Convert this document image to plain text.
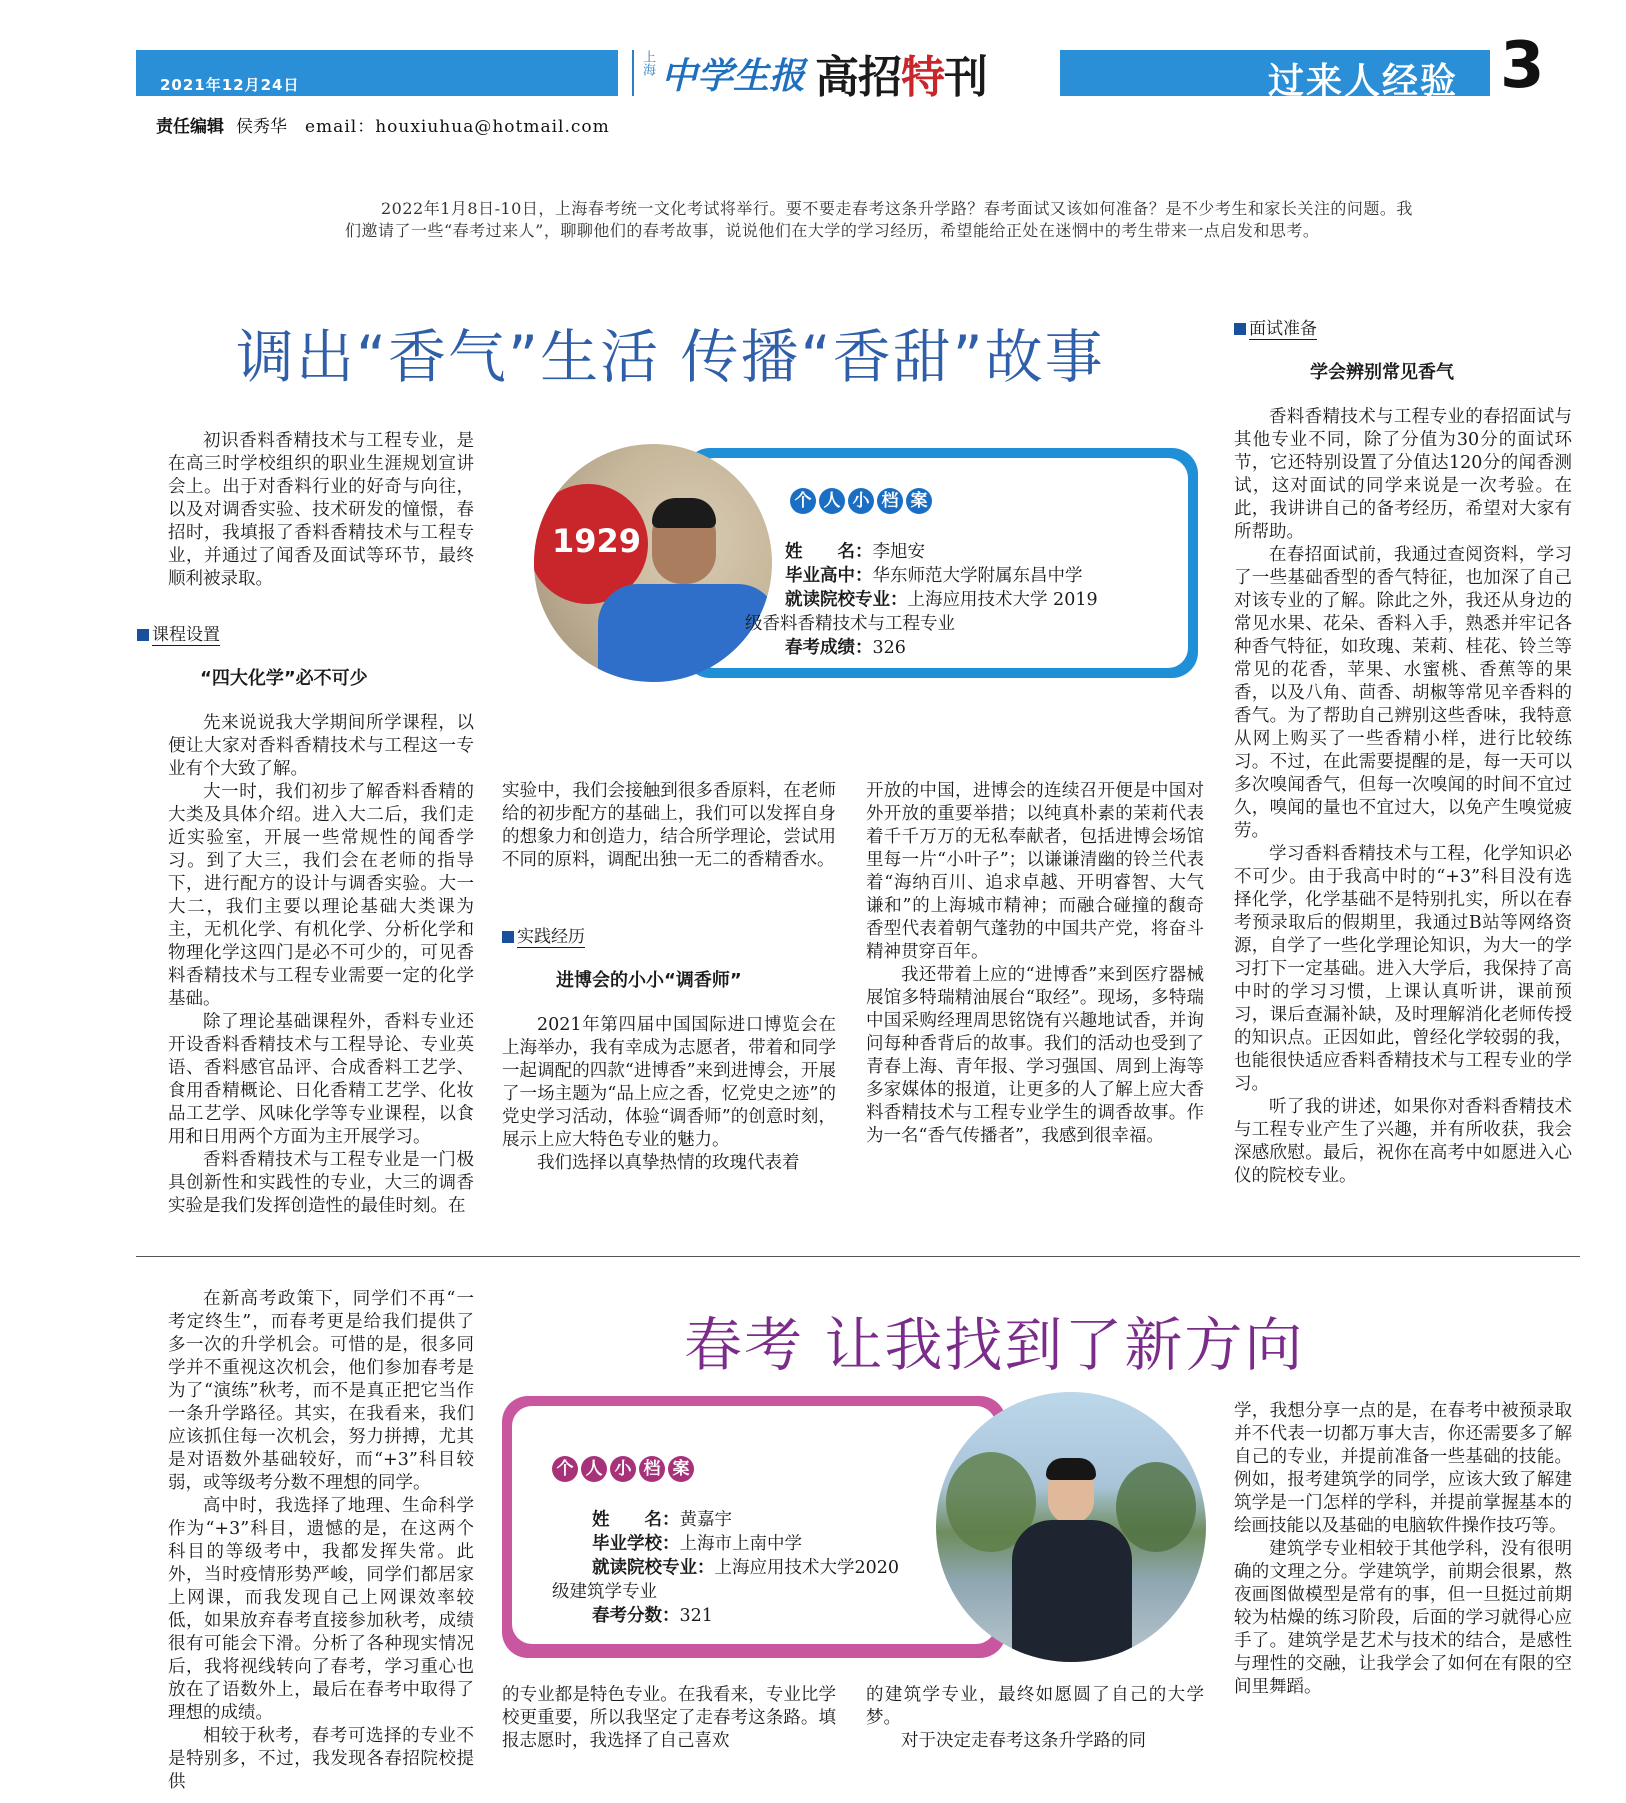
2021年12月24日
上海 中学生报 高招特刊	过来人经验 3
责任编辑 侯秀华 email：houxiuhua@hotmail.com
2022年1月8日-10日，上海春考统一文化考试将举行。要不要走春考这条升学路？春考面试又该如何准备？是不少考生和家长关注的问题。我们邀请了一些“春考过来人”，聊聊他们的春考故事，说说他们在大学的学习经历，希望能给正处在迷惘中的考生带来一点启发和思考。
调出“香气”生活 传播“香甜”故事

初识香料香精技术与工程专业，是在高三时学校组织的职业生涯规划宣讲会上。出于对香料行业的好奇与向往，以及对调香实验、技术研发的憧憬，春招时，我填报了香料香精技术与工程专业，并通过了闻香及面试等环节，最终顺利被录取。

课程设置
“四大化学”必不可少

先来说说我大学期间所学课程，以便让大家对香料香精技术与工程这一专业有个大致了解。

大一时，我们初步了解香料香精的大类及具体介绍。进入大二后，我们走近实验室，开展一些常规性的闻香学习。到了大三，我们会在老师的指导下，进行配方的设计与调香实验。大一大二，我们主要以理论基础大类课为主，无机化学、有机化学、分析化学和物理化学这四门是必不可少的，可见香料香精技术与工程专业需要一定的化学基础。

除了理论基础课程外，香料专业还开设香料香精技术与工程导论、专业英语、香料感官品评、合成香料工艺学、食用香精概论、日化香精工艺学、化妆品工艺学、风味化学等专业课程，以食用和日用两个方面为主开展学习。

香料香精技术与工程专业是一门极具创新性和实践性的专业，大三的调香实验是我们发挥创造性的最佳时刻。在

1929
个 人 小 档 案
姓　　名：李旭安
毕业高中：华东师范大学附属东昌中学
就读院校专业：上海应用技术大学 2019
级香料香精技术与工程专业
春考成绩：326

实验中，我们会接触到很多香原料，在老师给的初步配方的基础上，我们可以发挥自身的想象力和创造力，结合所学理论，尝试用不同的原料，调配出独一无二的香精香水。

实践经历
进博会的小小“调香师”

2021年第四届中国国际进口博览会在上海举办，我有幸成为志愿者，带着和同学一起调配的四款“进博香”来到进博会，开展了一场主题为“品上应之香，忆党史之迹”的党史学习活动，体验“调香师”的创意时刻，展示上应大特色专业的魅力。

我们选择以真挚热情的玫瑰代表着

开放的中国，进博会的连续召开便是中国对外开放的重要举措；以纯真朴素的茉莉代表着千千万万的无私奉献者，包括进博会场馆里每一片“小叶子”；以谦谦清幽的铃兰代表着“海纳百川、追求卓越、开明睿智、大气谦和”的上海城市精神；而融合碰撞的馥奇香型代表着朝气蓬勃的中国共产党，将奋斗精神贯穿百年。

我还带着上应的“进博香”来到医疗器械展馆多特瑞精油展台“取经”。现场，多特瑞中国采购经理周思铭饶有兴趣地试香，并询问每种香背后的故事。我们的活动也受到了青春上海、青年报、学习强国、周到上海等多家媒体的报道，让更多的人了解上应大香料香精技术与工程专业学生的调香故事。作为一名“香气传播者”，我感到很幸福。

面试准备
学会辨别常见香气

香料香精技术与工程专业的春招面试与其他专业不同，除了分值为30分的面试环节，它还特别设置了分值达120分的闻香测试，这对面试的同学来说是一次考验。在此，我讲讲自己的备考经历，希望对大家有所帮助。

在春招面试前，我通过查阅资料，学习了一些基础香型的香气特征，也加深了自己对该专业的了解。除此之外，我还从身边的常见水果、花朵、香料入手，熟悉并牢记各种香气特征，如玫瑰、茉莉、桂花、铃兰等常见的花香，苹果、水蜜桃、香蕉等的果香，以及八角、茴香、胡椒等常见辛香料的香气。为了帮助自己辨别这些香味，我特意从网上购买了一些香精小样，进行比较练习。不过，在此需要提醒的是，每一天可以多次嗅闻香气，但每一次嗅闻的时间不宜过久，嗅闻的量也不宜过大，以免产生嗅觉疲劳。

学习香料香精技术与工程，化学知识必不可少。由于我高中时的“+3”科目没有选择化学，化学基础不是特别扎实，所以在春考预录取后的假期里，我通过B站等网络资源，自学了一些化学理论知识，为大一的学习打下一定基础。进入大学后，我保持了高中时的学习习惯，上课认真听讲，课前预习，课后查漏补缺，及时理解消化老师传授的知识点。正因如此，曾经化学较弱的我，也能很快适应香料香精技术与工程专业的学习。

听了我的讲述，如果你对香料香精技术与工程专业产生了兴趣，并有所收获，我会深感欣慰。最后，祝你在高考中如愿进入心仪的院校专业。

春考 让我找到了新方向

在新高考政策下，同学们不再“一考定终生”，而春考更是给我们提供了多一次的升学机会。可惜的是，很多同学并不重视这次机会，他们参加春考是为了“演练”秋考，而不是真正把它当作一条升学路径。其实，在我看来，我们应该抓住每一次机会，努力拼搏，尤其是对语数外基础较好，而“+3”科目较弱，或等级考分数不理想的同学。

高中时，我选择了地理、生命科学作为“+3”科目，遗憾的是，在这两个科目的等级考中，我都发挥失常。此外，当时疫情形势严峻，同学们都居家上网课，而我发现自己上网课效率较低，如果放弃春考直接参加秋考，成绩很有可能会下滑。分析了各种现实情况后，我将视线转向了春考，学习重心也放在了语数外上，最后在春考中取得了理想的成绩。

相较于秋考，春考可选择的专业不是特别多，不过，我发现各春招院校提供

个 人 小 档 案
姓　　名：黄嘉宇
毕业学校：上海市上南中学
就读院校专业：上海应用技术大学2020
级建筑学专业
春考分数：321

的专业都是特色专业。在我看来，专业比学校更重要，所以我坚定了走春考这条路。填报志愿时，我选择了自己喜欢

的建筑学专业，最终如愿圆了自己的大学梦。

对于决定走春考这条升学路的同

学，我想分享一点的是，在春考中被预录取并不代表一切都万事大吉，你还需要多了解自己的专业，并提前准备一些基础的技能。例如，报考建筑学的同学，应该大致了解建筑学是一门怎样的学科，并提前掌握基本的绘画技能以及基础的电脑软件操作技巧等。

建筑学专业相较于其他学科，没有很明确的文理之分。学建筑学，前期会很累，熬夜画图做模型是常有的事，但一旦挺过前期较为枯燥的练习阶段，后面的学习就得心应手了。建筑学是艺术与技术的结合，是感性与理性的交融，让我学会了如何在有限的空间里舞蹈。
